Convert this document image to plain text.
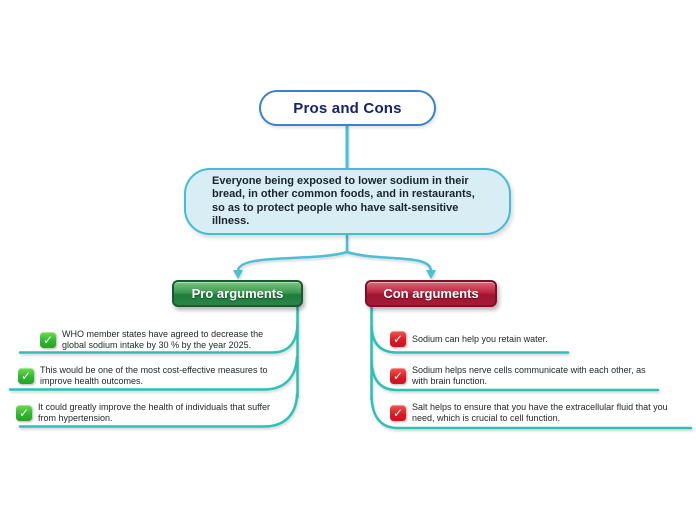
Pros and Cons
Everyone being exposed to lower sodium in their bread, in other common foods, and in restaurants, so as to protect people who have salt-sensitive illness.
Pro arguments	Con arguments
✓ WHO member states have agreed to decrease the global sodium intake by 30 % by the year 2025.
✓ This would be one of the most cost-effective measures to improve health outcomes.
✓ It could greatly improve the health of individuals that suffer from hypertension.
✓ Sodium can help you retain water.
✓ Sodium helps nerve cells communicate with each other, as with brain function.
✓ Salt helps to ensure that you have the extracellular fluid that you need, which is crucial to cell function.
